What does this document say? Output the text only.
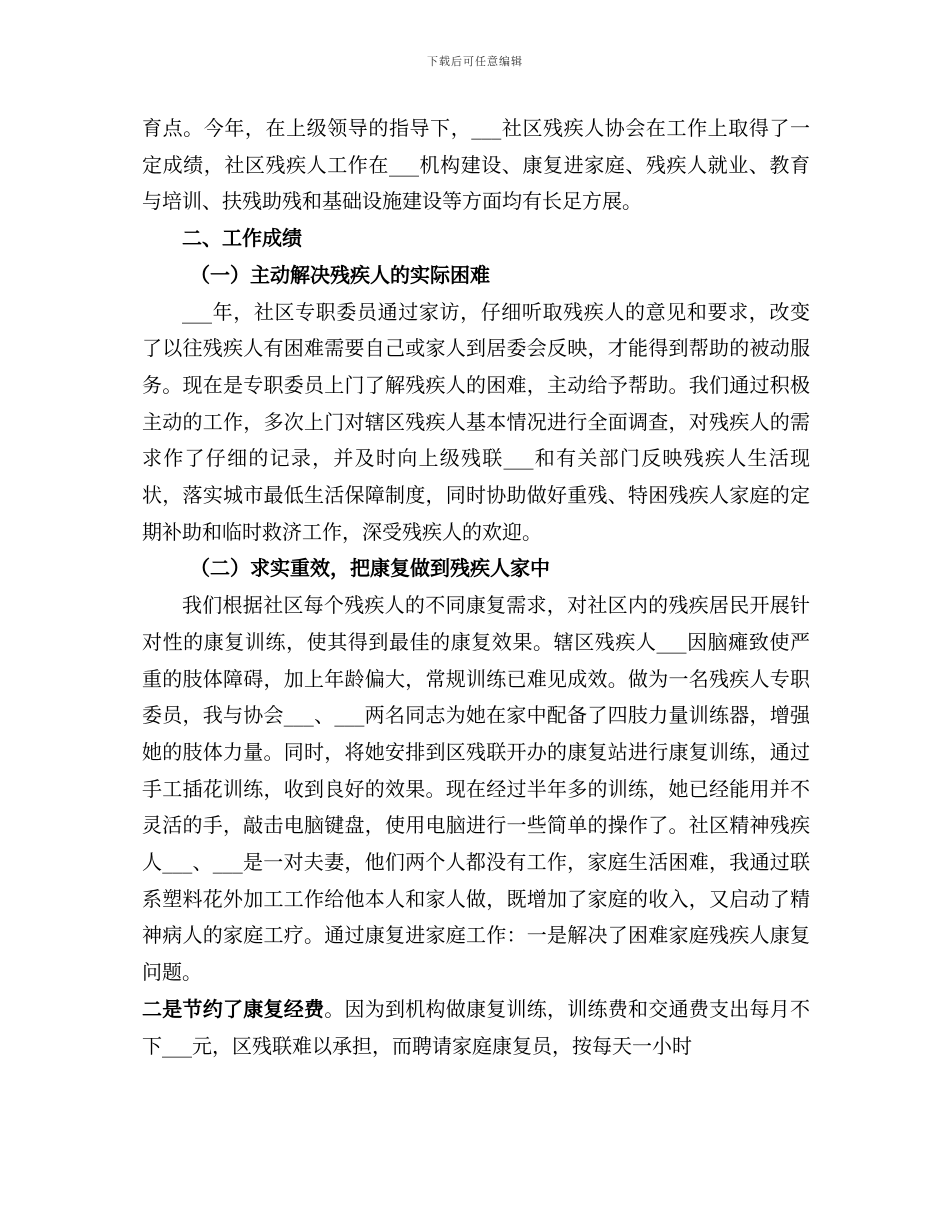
下载后可任意编辑

育点。今年，在上级领导的指导下，___社区残疾人协会在工作上取得了一定成绩，社区残疾人工作在___机构建设、康复进家庭、残疾人就业、教育与培训、扶残助残和基础设施建设等方面均有长足方展。

二、工作成绩

（一）主动解决残疾人的实际困难

___年，社区专职委员通过家访，仔细听取残疾人的意见和要求，改变了以往残疾人有困难需要自己或家人到居委会反映，才能得到帮助的被动服务。现在是专职委员上门了解残疾人的困难，主动给予帮助。我们通过积极主动的工作，多次上门对辖区残疾人基本情况进行全面调查，对残疾人的需求作了仔细的记录，并及时向上级残联___和有关部门反映残疾人生活现状，落实城市最低生活保障制度，同时协助做好重残、特困残疾人家庭的定期补助和临时救济工作，深受残疾人的欢迎。

（二）求实重效，把康复做到残疾人家中

我们根据社区每个残疾人的不同康复需求，对社区内的残疾居民开展针对性的康复训练，使其得到最佳的康复效果。辖区残疾人___因脑瘫致使严重的肢体障碍，加上年龄偏大，常规训练已难见成效。做为一名残疾人专职委员，我与协会___、___两名同志为她在家中配备了四肢力量训练器，增强她的肢体力量。同时，将她安排到区残联开办的康复站进行康复训练，通过手工插花训练，收到良好的效果。现在经过半年多的训练，她已经能用并不灵活的手，敲击电脑键盘，使用电脑进行一些简单的操作了。社区精神残疾人___、___是一对夫妻，他们两个人都没有工作，家庭生活困难，我通过联系塑料花外加工工作给他本人和家人做，既增加了家庭的收入，又启动了精神病人的家庭工疗。通过康复进家庭工作：一是解决了困难家庭残疾人康复问题。

二是节约了康复经费。因为到机构做康复训练，训练费和交通费支出每月不下___元，区残联难以承担，而聘请家庭康复员，按每天一小时
